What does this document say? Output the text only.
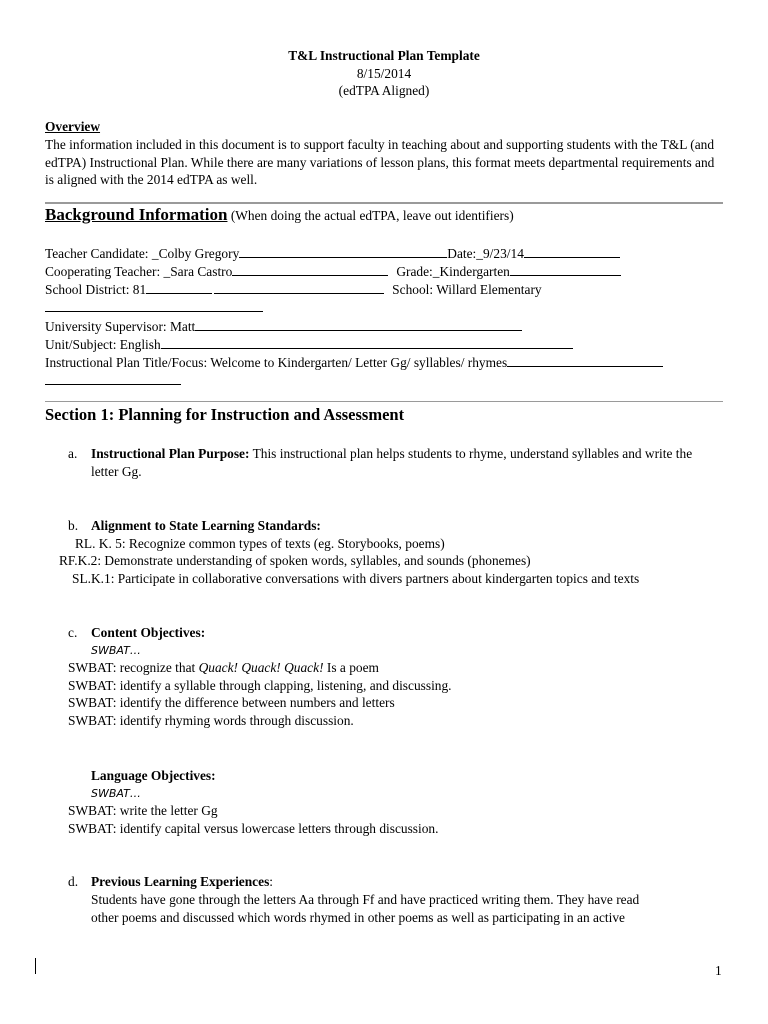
T&L Instructional Plan Template
8/15/2014
(edTPA Aligned)
Overview
The information included in this document is to support faculty in teaching about and supporting students with the T&L (and edTPA) Instructional Plan. While there are many variations of lesson plans, this format meets departmental requirements and is aligned with the 2014 edTPA as well.
Background Information (When doing the actual edTPA, leave out identifiers)
Teacher Candidate: _Colby Gregory	Date:_9/23/14
Cooperating Teacher: _Sara Castro	Grade:_Kindergarten
School District: 81	School: Willard Elementary
University Supervisor: Matt
Unit/Subject: English
Instructional Plan Title/Focus: Welcome to Kindergarten/ Letter Gg/ syllables/ rhymes
Section 1: Planning for Instruction and Assessment
a. Instructional Plan Purpose: This instructional plan helps students to rhyme, understand syllables and write the letter Gg.
b. Alignment to State Learning Standards:
RL. K. 5: Recognize common types of texts (eg. Storybooks, poems)
RF.K.2: Demonstrate understanding of spoken words, syllables, and sounds (phonemes)
SL.K.1: Participate in collaborative conversations with divers partners about kindergarten topics and texts
c. Content Objectives:
SWBAT…
SWBAT: recognize that Quack! Quack! Quack! Is a poem
SWBAT: identify a syllable through clapping, listening, and discussing.
SWBAT: identify the difference between numbers and letters
SWBAT: identify rhyming words through discussion.
Language Objectives:
SWBAT…
SWBAT: write the letter Gg
SWBAT: identify capital versus lowercase letters through discussion.
d. Previous Learning Experiences:
Students have gone through the letters Aa through Ff and have practiced writing them. They have read
other poems and discussed which words rhymed in other poems as well as participating in an active
1
